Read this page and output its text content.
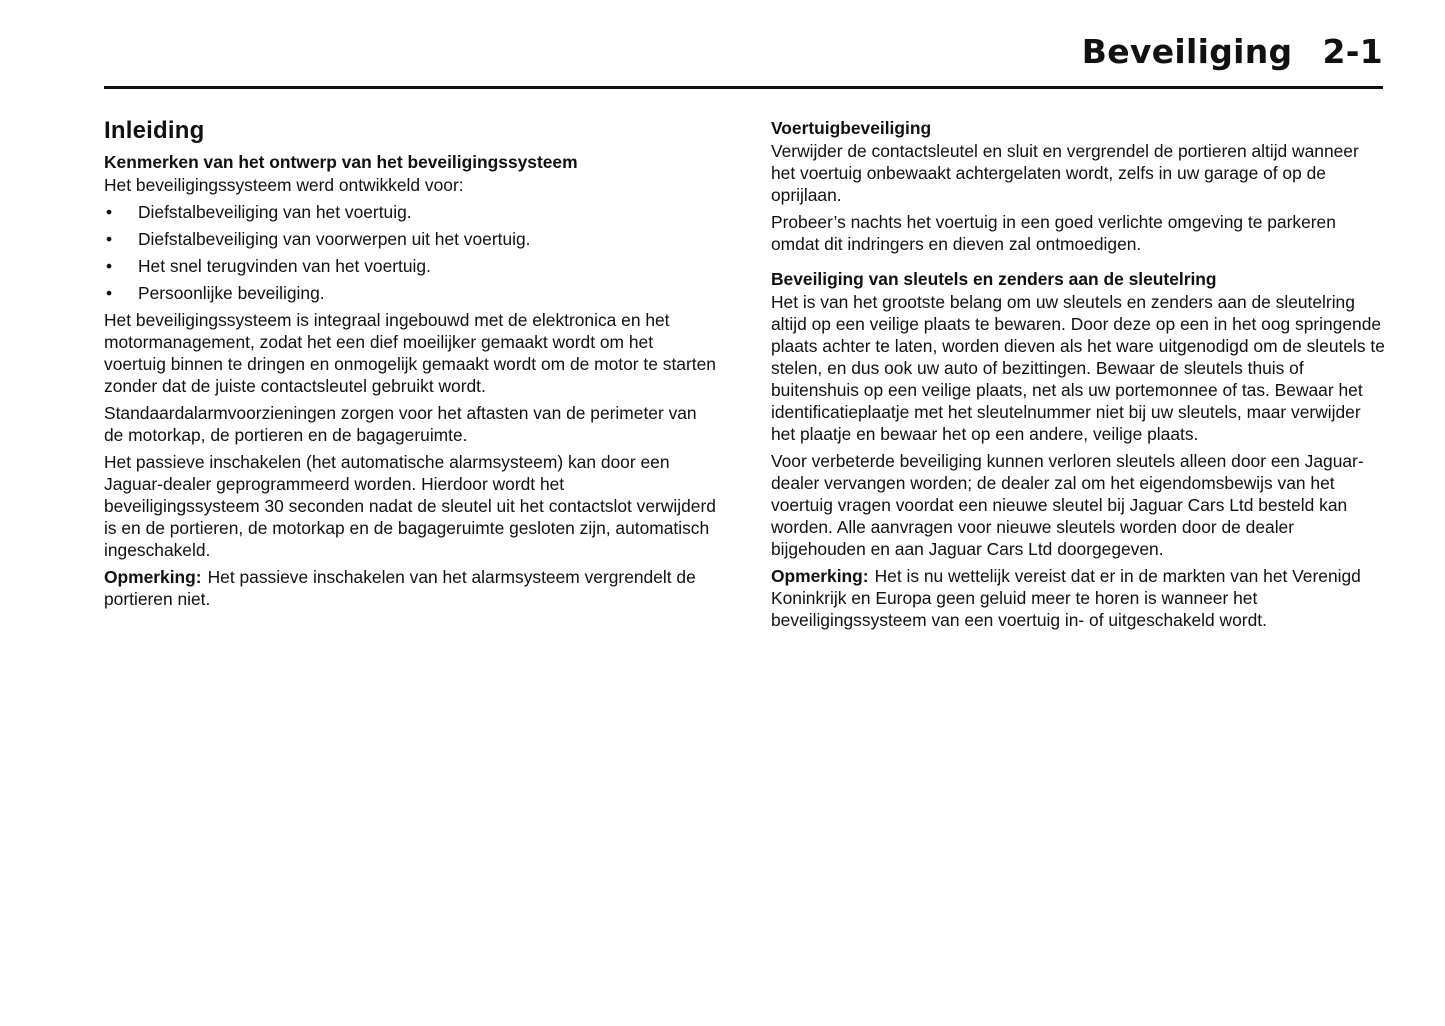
Beveiliging 2-1
Inleiding
Kenmerken van het ontwerp van het beveiligingssysteem

Het beveiligingssysteem werd ontwikkeld voor:

• Diefstalbeveiliging van het voertuig.
• Diefstalbeveiliging van voorwerpen uit het voertuig.
• Het snel terugvinden van het voertuig.
• Persoonlijke beveiliging.

Het beveiligingssysteem is integraal ingebouwd met de elektronica en het motormanagement, zodat het een dief moeilijker gemaakt wordt om het voertuig binnen te dringen en onmogelijk gemaakt wordt om de motor te starten zonder dat de juiste contactsleutel gebruikt wordt.

Standaardalarmvoorzieningen zorgen voor het aftasten van de perimeter van de motorkap, de portieren en de bagageruimte.

Het passieve inschakelen (het automatische alarmsysteem) kan door een Jaguar-dealer geprogrammeerd worden. Hierdoor wordt het beveiligingssysteem 30 seconden nadat de sleutel uit het contactslot verwijderd is en de portieren, de motorkap en de bagageruimte gesloten zijn, automatisch ingeschakeld.

Opmerking: Het passieve inschakelen van het alarmsysteem vergrendelt de portieren niet.

Voertuigbeveiliging

Verwijder de contactsleutel en sluit en vergrendel de portieren altijd wanneer het voertuig onbewaakt achtergelaten wordt, zelfs in uw garage of op de oprijlaan.

Probeer’s nachts het voertuig in een goed verlichte omgeving te parkeren omdat dit indringers en dieven zal ontmoedigen.

Beveiliging van sleutels en zenders aan de sleutelring

Het is van het grootste belang om uw sleutels en zenders aan de sleutelring altijd op een veilige plaats te bewaren. Door deze op een in het oog springende plaats achter te laten, worden dieven als het ware uitgenodigd om de sleutels te stelen, en dus ook uw auto of bezittingen. Bewaar de sleutels thuis of buitenshuis op een veilige plaats, net als uw portemonnee of tas. Bewaar het identificatieplaatje met het sleutelnummer niet bij uw sleutels, maar verwijder het plaatje en bewaar het op een andere, veilige plaats.

Voor verbeterde beveiliging kunnen verloren sleutels alleen door een Jaguar-dealer vervangen worden; de dealer zal om het eigendomsbewijs van het voertuig vragen voordat een nieuwe sleutel bij Jaguar Cars Ltd besteld kan worden. Alle aanvragen voor nieuwe sleutels worden door de dealer bijgehouden en aan Jaguar Cars Ltd doorgegeven.

Opmerking: Het is nu wettelijk vereist dat er in de markten van het Verenigd Koninkrijk en Europa geen geluid meer te horen is wanneer het beveiligingssysteem van een voertuig in- of uitgeschakeld wordt.
